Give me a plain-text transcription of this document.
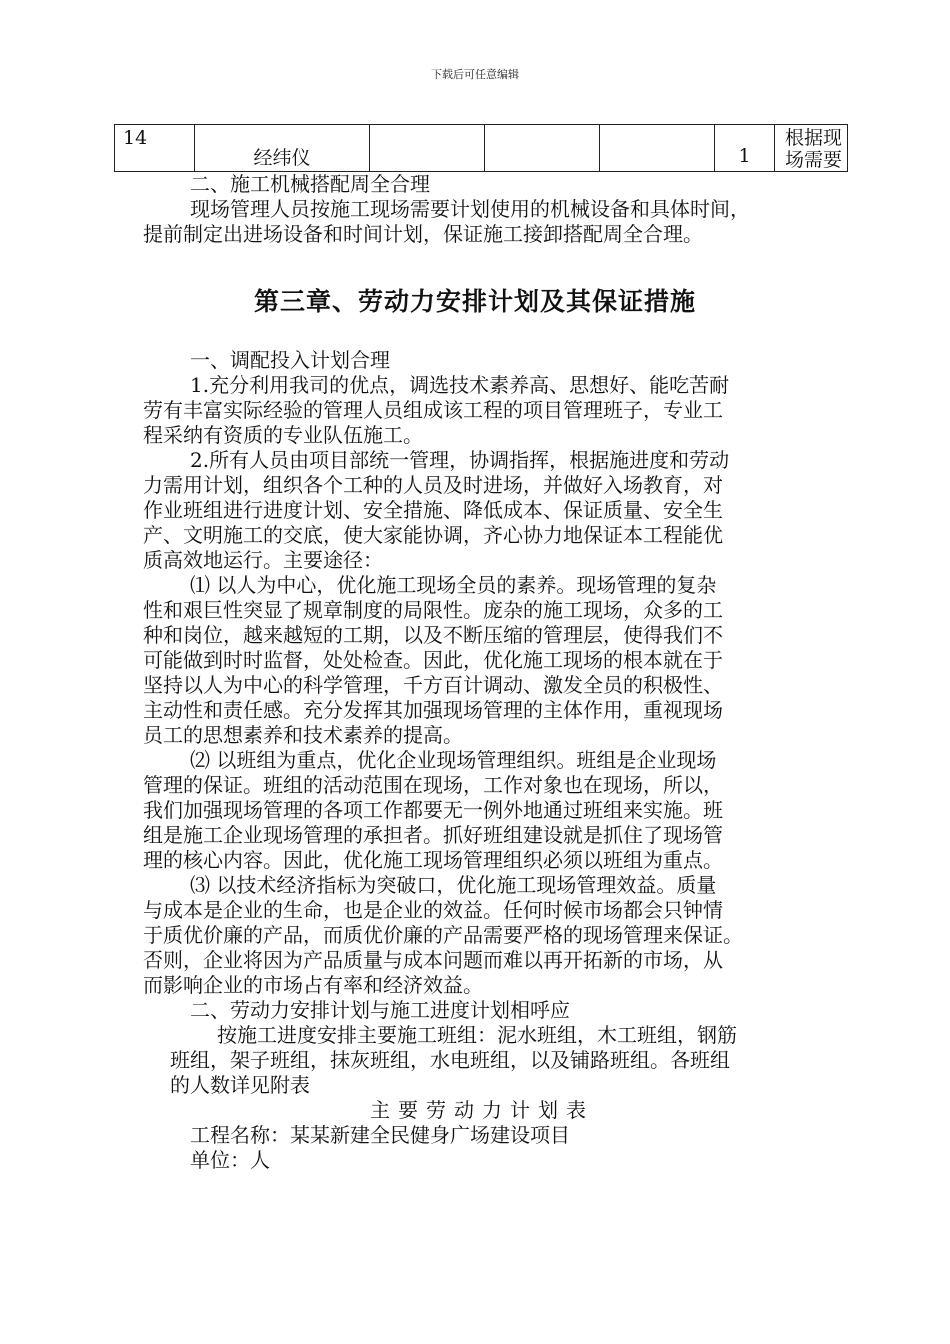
下载后可任意编辑
14	经纬仪				1	根据现场需要
二、施工机械搭配周全合理
现场管理人员按施工现场需要计划使用的机械设备和具体时间，
提前制定出进场设备和时间计划，保证施工接卸搭配周全合理。
第三章、劳动力安排计划及其保证措施
一、调配投入计划合理
1.充分利用我司的优点，调选技术素养高、思想好、能吃苦耐
劳有丰富实际经验的管理人员组成该工程的项目管理班子，专业工
程采纳有资质的专业队伍施工。
2.所有人员由项目部统一管理，协调指挥，根据施进度和劳动
力需用计划，组织各个工种的人员及时进场，并做好入场教育，对
作业班组进行进度计划、安全措施、降低成本、保证质量、安全生
产、文明施工的交底，使大家能协调，齐心协力地保证本工程能优
质高效地运行。主要途径：
⑴ 以人为中心，优化施工现场全员的素养。现场管理的复杂
性和艰巨性突显了规章制度的局限性。庞杂的施工现场，众多的工
种和岗位，越来越短的工期，以及不断压缩的管理层，使得我们不
可能做到时时监督，处处检查。因此，优化施工现场的根本就在于
坚持以人为中心的科学管理，千方百计调动、激发全员的积极性、
主动性和责任感。充分发挥其加强现场管理的主体作用，重视现场
员工的思想素养和技术素养的提高。
⑵ 以班组为重点，优化企业现场管理组织。班组是企业现场
管理的保证。班组的活动范围在现场，工作对象也在现场，所以，
我们加强现场管理的各项工作都要无一例外地通过班组来实施。班
组是施工企业现场管理的承担者。抓好班组建设就是抓住了现场管
理的核心内容。因此，优化施工现场管理组织必须以班组为重点。
⑶ 以技术经济指标为突破口，优化施工现场管理效益。质量
与成本是企业的生命，也是企业的效益。任何时候市场都会只钟情
于质优价廉的产品，而质优价廉的产品需要严格的现场管理来保证。
否则，企业将因为产品质量与成本问题而难以再开拓新的市场，从
而影响企业的市场占有率和经济效益。
二、劳动力安排计划与施工进度计划相呼应
按施工进度安排主要施工班组：泥水班组，木工班组，钢筋
班组，架子班组，抹灰班组，水电班组，以及铺路班组。各班组
的人数详见附表
主要劳动力计划表
工程名称：某某新建全民健身广场建设项目
单位：人
